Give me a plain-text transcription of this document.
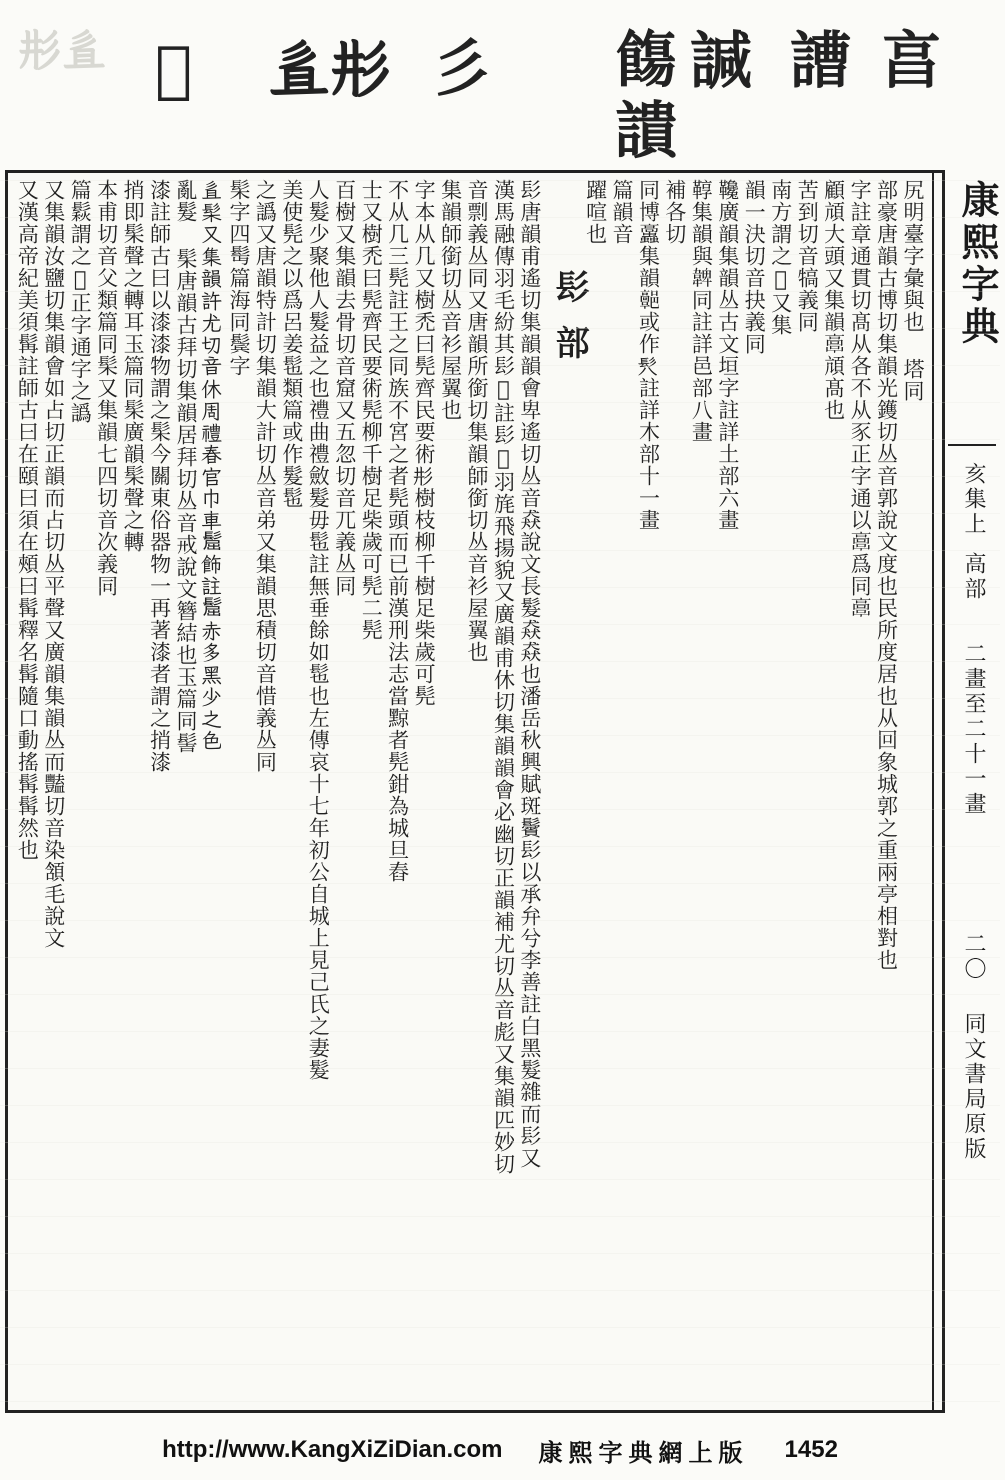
𢒈𢒉 𢒊 𢒉 𢒈 彡 𩞃
䜋
諴 䜊 亯
尻明臺字彙與也 塔同
部豪唐韻古博切集韻光鑊切丛音郭說文度也民所度居也从回象城郭之重兩亭相對也
字註章通貫切髙从各不从豕正字通以𩫖爲同𩫖
顧頏大頭又集韻𩫖頏髙也
苦到切音犒義同
南方謂之𩫘又集
韻一決切音抉義同
䪌廣韻集韻丛古文垣字註詳土部六畫
鞟集韻與𩏂同註詳邑部八畫
補各切
同博𩫲集韻𩫩或作𩫵註詳木部十一畫
篇韻音
躍喧也
髟部
髟唐韻甫遙切集韻韻會卑遙切丛音猋說文長髮猋猋也潘岳秋興賦斑鬢髟以承弁兮李善註白黑髮雜而髟又
漢馬融傳羽毛紛其髟𩬈註髟𩬈羽旄飛揚貌又廣韻甫休切集韻韻會必幽切正韻補尤切丛音彪又集韻匹妙切
音剽義丛同又唐韻所銜切集韻師銜切丛音衫屋翼也
集韻師銜切丛音衫屋翼也
字本从几又樹禿曰髡齊民要術𢒈樹枝柳千樹足柴歲可髡
不从几三髡註王之同族不宮之者髡頭而已前漢刑法志當黥者髡鉗為城旦舂
士又樹禿曰髡齊民要術髡柳千樹足柴歲可髡二髡
百樹又集韻去骨切音窟又五忽切音兀義丛同
人髮少聚他人髮益之也禮曲禮斂髮毋髢註無垂餘如髢也左傳哀十七年初公自城上見己氏之妻髮
美使髡之以爲呂姜髢類篇或作髮髢
之譌又唐韻特計切集韻大計切丛音弟又集韻思積切音惜義丛同
髤字四髩篇海同鬓字
𢒉髤又集韻許尤切音休周禮春官巾車𩭪飾註𩭪赤多黑少之色
亂髮 髤唐韻古拜切集韻居拜切丛音戒說文簪結也玉篇同髻
漆註師古曰以漆漆物謂之髤今關東俗器物一再著漆者謂之捎漆
捎即髤聲之轉耳玉篇同髤廣韻髤聲之轉
本甫切音父類篇同髤又集韻七四切音次義同
篇鬏謂之𩬊正字通字之譌
又集韻汝鹽切集韻會如占切正韻而占切丛平聲又廣韻集韻丛而豔切音染頷毛說文
又漢高帝紀美須髯註師古曰在頤曰須在頰曰髯釋名髯隨口動搖髯髯然也	康熙字典
亥集上
高部
二畫至二十一畫
二〇
同文書局原版
http://www.KangXiZiDian.com 康熙字典網上版 1452
